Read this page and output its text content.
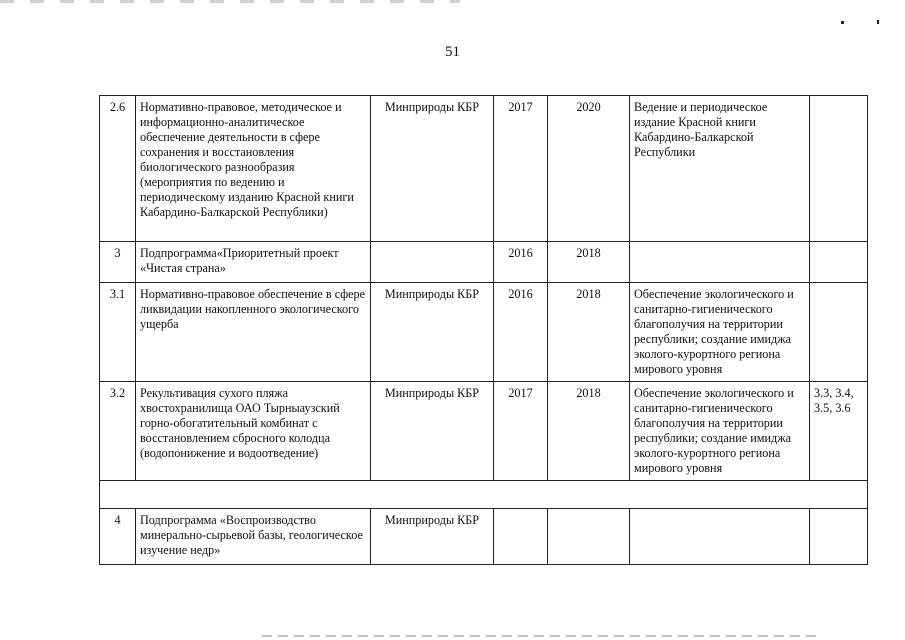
51
2.6	Нормативно-правовое, методическое и информационно-аналитическое обеспечение деятельности в сфере сохранения и восстановления биологического разнообразия (мероприятия по ведению и периодическому изданию Красной книги Кабардино-Балкарской Республики)	Минприроды КБР	2017	2020	Ведение и периодическое издание Красной книги Кабардино-Балкарской Республики	
3	Подпрограмма«Приоритетный проект «Чистая страна»		2016	2018		
3.1	Нормативно-правовое обеспечение в сфере ликвидации накопленного экологического ущерба	Минприроды КБР	2016	2018	Обеспечение экологического и санитарно-гигиенического благополучия на территории республики; создание имиджа эколого-курортного региона мирового уровня	
3.2	Рекультивация сухого пляжа хвостохранилища ОАО Тырныаузский горно-обогатительный комбинат с восстановлением сбросного колодца (водопонижение и водоотведение)	Минприроды КБР	2017	2018	Обеспечение экологического и санитарно-гигиенического благополучия на территории республики; создание имиджа эколого-курортного региона мирового уровня	3.3, 3.4, 3.5, 3.6

4	Подпрограмма «Воспроизводство минерально-сырьевой базы, геологическое изучение недр»	Минприроды КБР				
